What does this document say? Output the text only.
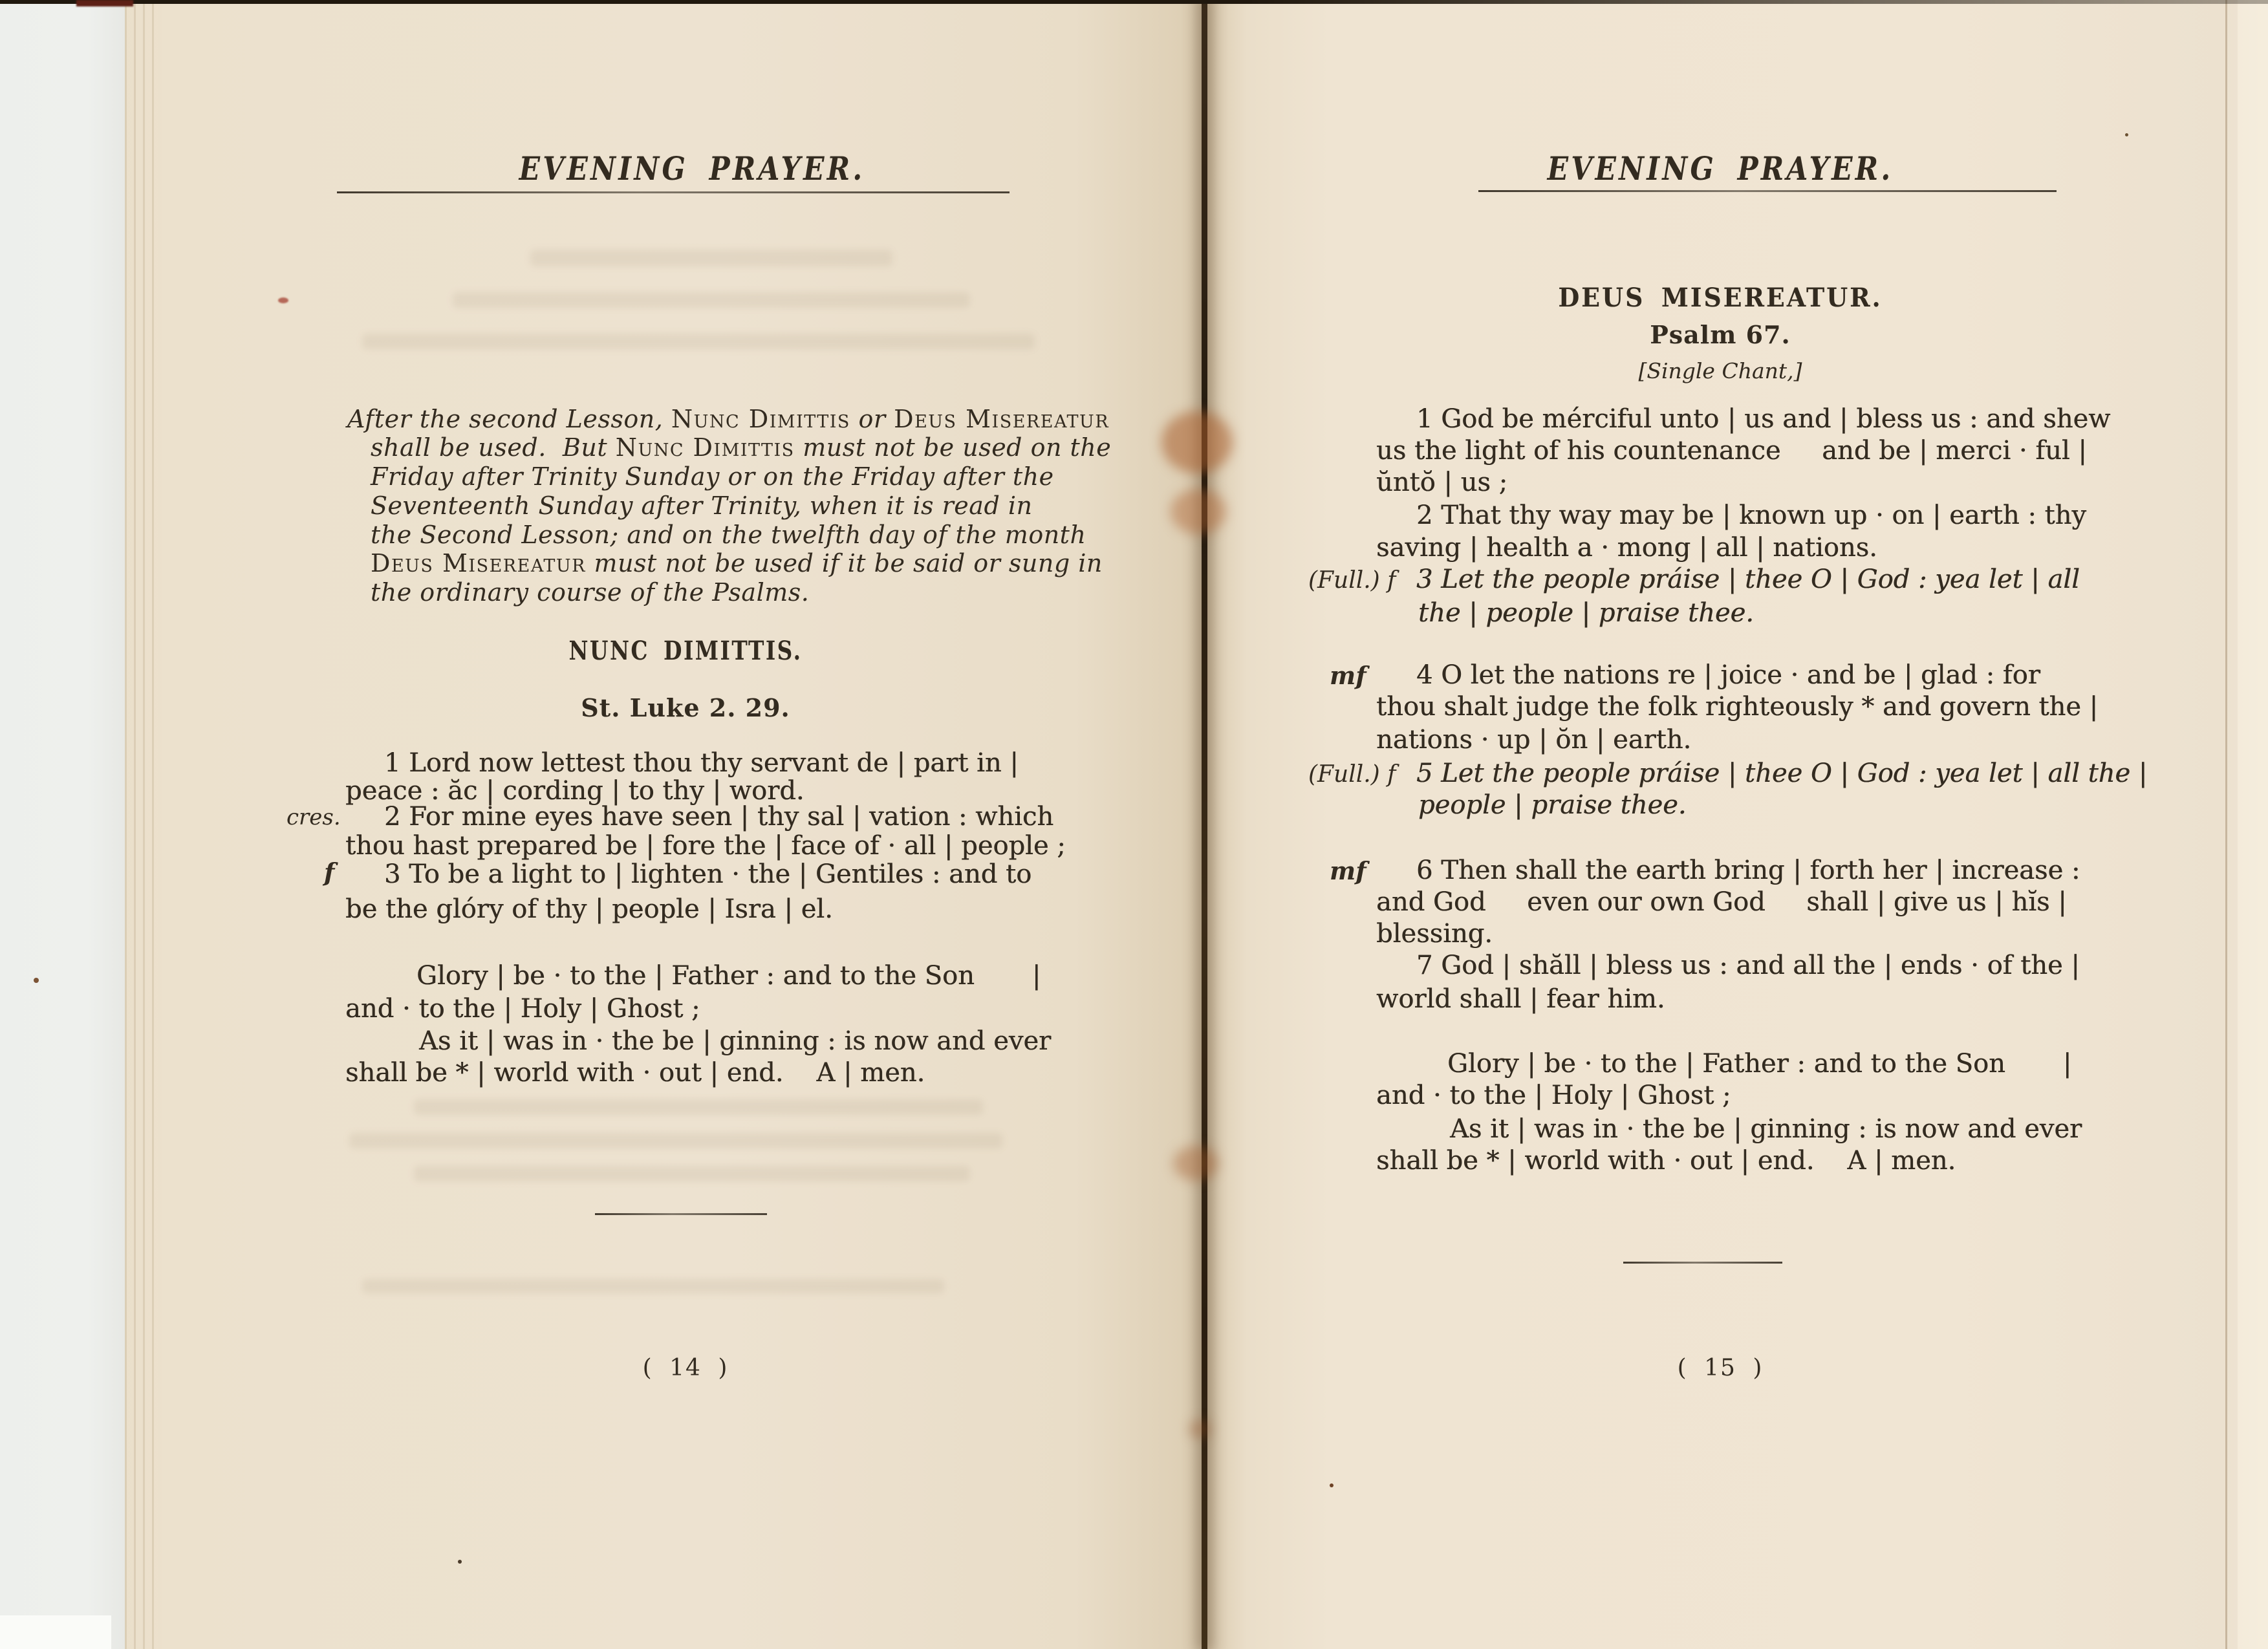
EVENING PRAYER.
After the second Lesson, Nunc Dimittis or Deus Misereatur
shall be used.  But Nunc Dimittis must not be used on the
Friday after Trinity Sunday or on the Friday after the
Seventeenth Sunday after Trinity, when it is read in
the Second Lesson; and on the twelfth day of the month
Deus Misereatur must not be used if it be said or sung in
the ordinary course of the Psalms.
NUNC DIMITTIS.
St. Luke 2. 29.
cres.
f
1 Lord now lettest thou thy servant de | part in |
peace : ăc | cording | to thy | word.
2 For mine eyes have seen | thy sal | vation : which
thou hast prepared be | fore the | face of · all | people ;
3 To be a light to | lighten · the | Gentiles : and to
be the glóry of thy | people | Isra | el.
Glory | be · to the | Father : and to the Son       |
and · to the | Holy | Ghost ;
As it | was in · the be | ginning : is now and ever
shall be * | world with · out | end.    A | men.
( 14 )
EVENING PRAYER.
DEUS MISEREATUR.
Psalm 67.
[Single Chant,]
(Full.) f
mf
(Full.) f
mf
1 God be mérciful unto | us and | bless us : and shew
us the light of his countenance     and be | merci · ful |
ŭntŏ | us ;
2 That thy way may be | known up · on | earth : thy
saving | health a · mong | all | nations.
3 Let the people práise | thee O | God : yea let | all
the | people | praise thee.
4 O let the nations re | joice · and be | glad : for
thou shalt judge the folk righteously * and govern the |
nations · up | ŏn | earth.
5 Let the people práise | thee O | God : yea let | all the |
people | praise thee.
6 Then shall the earth bring | forth her | increase :
and God     even our own God     shall | give us | hĭs |
blessing.
7 God | shăll | bless us : and all the | ends · of the |
world shall | fear him.
Glory | be · to the | Father : and to the Son       |
and · to the | Holy | Ghost ;
As it | was in · the be | ginning : is now and ever
shall be * | world with · out | end.    A | men.
( 15 )
